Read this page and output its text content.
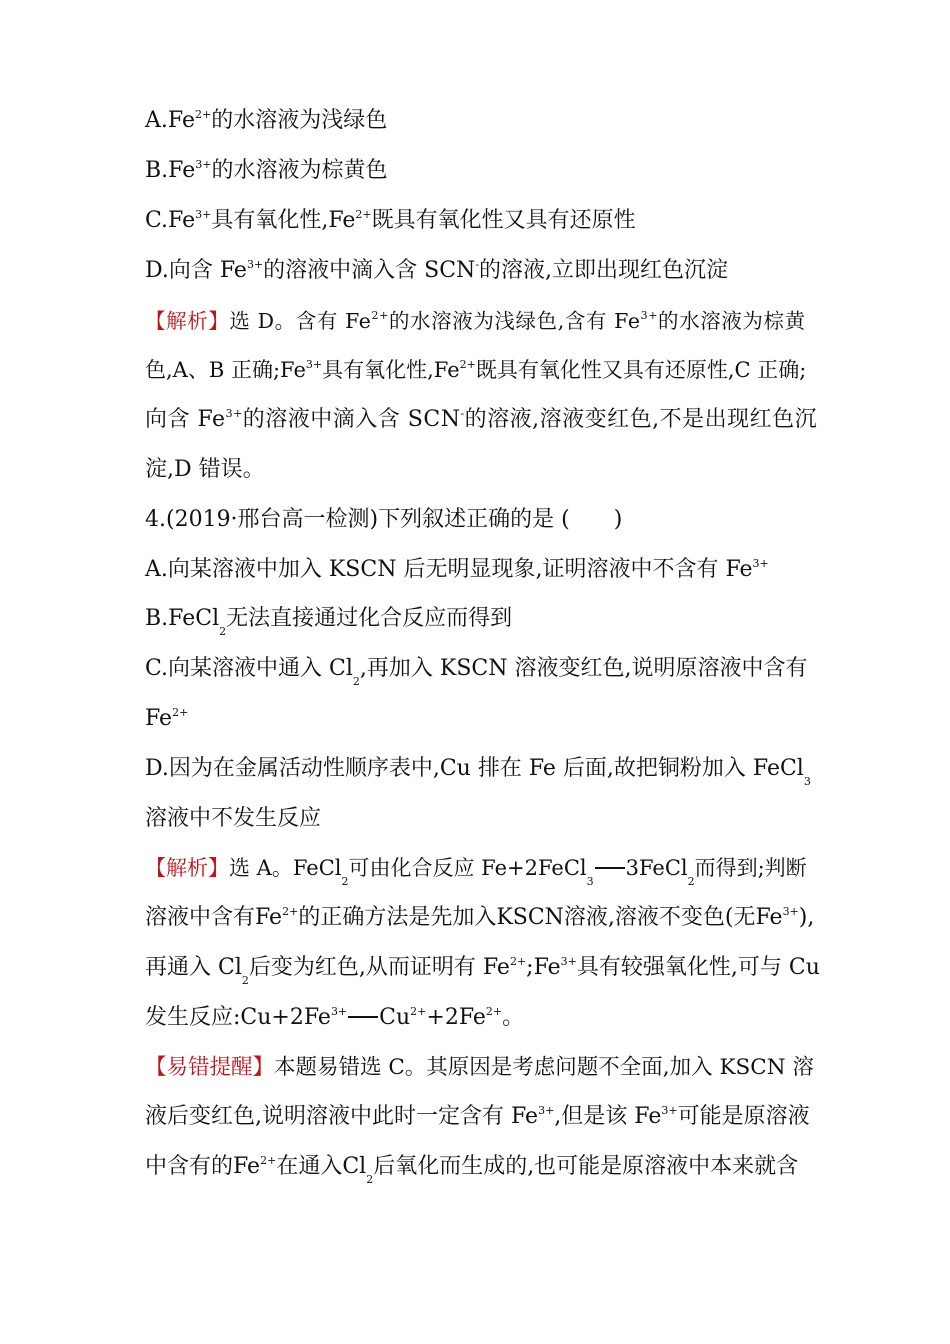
$A.Fe^{2+}$的水溶液为浅绿色
$B.Fe^{3+}$的水溶液为棕黄色
$C.Fe^{3+}$具有氧化性$,Fe^{2+}$既具有氧化性又具有还原性
D.向含 $Fe^{3+}$的溶液中滴入含 SCN-的溶液,立即出现红色沉淀
【解析】选 D。含有 $Fe^{2+}$的水溶液为浅绿色,含有 $Fe^{3+}$的水溶液为棕黄
色,A、B 正确$;Fe^{3+}$具有氧化性$,Fe^{2+}$既具有氧化性又具有还原性,C 正确;
向含 $Fe^{3+}$的溶液中滴入含 SCN-的溶液,溶液变红色,不是出现红色沉
淀,D 错误。
4.(2019·邢台高一检测)下列叙述正确的是 (　　)
A.向某溶液中加入 KSCN 后无明显现象,证明溶液中不含有 $Fe^{3+}$
B.FeCl$_2$无法直接通过化合反应而得到
C.向某溶液中通入 $Cl_2$,再加入 KSCN 溶液变红色,说明原溶液中含有
$Fe^{2+}$
D.因为在金属活动性顺序表中,Cu 排在 Fe 后面,故把铜粉加入 FeCl$_3$
溶液中不发生反应
【解析】选 A。FeCl$_2$可由化合反应 Fe+2FeCl$_3$3FeCl$_2$而得到;判断
溶液中含有$Fe^{2+}$的正确方法是先加入KSCN溶液,溶液不变色(无$Fe^{3+}$),
再通入 $Cl_2$后变为红色,从而证明有 $Fe^{2+};Fe^{3+}$具有较强氧化性,可与 Cu
发生反应$:Cu+2Fe^{3+}$ $Cu^{2+}+2Fe^{2+}$。
【易错提醒】本题易错选 C。其原因是考虑问题不全面,加入 KSCN 溶
液后变红色,说明溶液中此时一定含有 $Fe^{3+}$,但是该 $Fe^{3+}$可能是原溶液
中含有的$Fe^{2+}$在通入$Cl_2$后氧化而生成的,也可能是原溶液中本来就含
